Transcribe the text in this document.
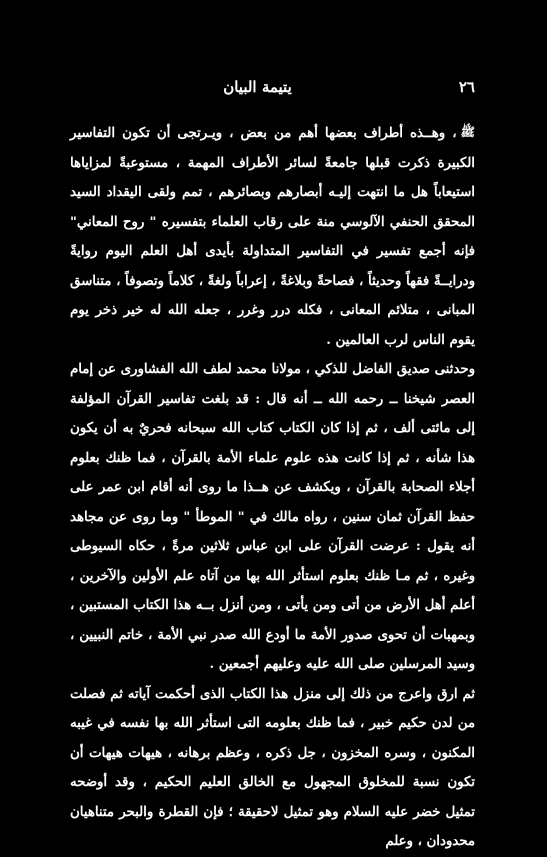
٢٦
يتيمة البيان

ﷺ، وهــذه أطراف بعضها أهم من بعض ، ويـرتجى أن تكون التفاسير الكبيرة ذكرت قبلها جامعةً لسائر الأطراف المهمة ، مستوعبةً لمزاياها استيعاباً هل ما انتهت إليـه أبصارهم وبصائرهم ، تمم ولقى اليقداد السيد المحقق الحنفي الآلوسي منة على رقاب العلماء بتفسيره " روح المعاني" فإنه أجمع تفسير في التفاسير المتداولة بأيدى أهل العلم اليوم روايةً ودرايــةً فقهاً وحديثاً ، فصاحةً وبلاغةً ، إعراباً ولغةً ، كلاماً وتصوفاً ، متناسق المبانى ، متلائم المعانى ، فكله درر وغرر ، جعله الله له خير ذخر يوم يقوم الناس لرب العالمين .

وحدثنى صديق الفاضل للذكي ، مولانا محمد لطف الله الفشاورى عن إمام العصر شيخنا ــ رحمه الله ــ أنه قال : قد بلغت تفاسير القرآن المؤلفة إلى مائتى ألف ، ثم إذا كان الكتاب كتاب الله سبحانه فحريٌ به أن يكون هذا شأنه ، ثم إذا كانت هذه علوم علماء الأمة بالقرآن ، فما ظنك بعلوم أجلاء الصحابة بالقرآن ، ويكشف عن هــذا ما روى أنه أقام ابن عمر على حفظ القرآن ثمان سنين ، رواه مالك في " الموطأ " وما روى عن مجاهد أنه يقول : عرضت القرآن على ابن عباس ثلاثين مرةً ، حكاه السيوطى وغيره ، ثم مـا ظنك بعلوم استأثر الله بها من آتاه علم الأولين والآخرين ، أعلم أهل الأرض من أتى ومن يأتى ، ومن أنزل بــه هذا الكتاب المستبين ، وبمهبات أن تحوى صدور الأمة ما أودع الله صدر نبي الأمة ، خاتم النبيين ، وسيد المرسلين صلى الله عليه وعليهم أجمعين .

ثم ارق واعرج من ذلك إلى منزل هذا الكتاب الذى أحكمت آياته ثم فصلت من لدن حكيم خبير ، فما ظنك بعلومه التى استأثر الله بها نفسه في غيبه المكنون ، وسره المخزون ، جل ذكره ، وعظم برهانه ، هيهات هيهات أن تكون نسبة للمخلوق المجهول مع الخالق العليم الحكيم ، وقد أوضحه تمثيل خضر عليه السلام وهو تمثيل لاحقيقة ؛ فإن القطرة والبحر متناهيان محدودان ، وعلم
